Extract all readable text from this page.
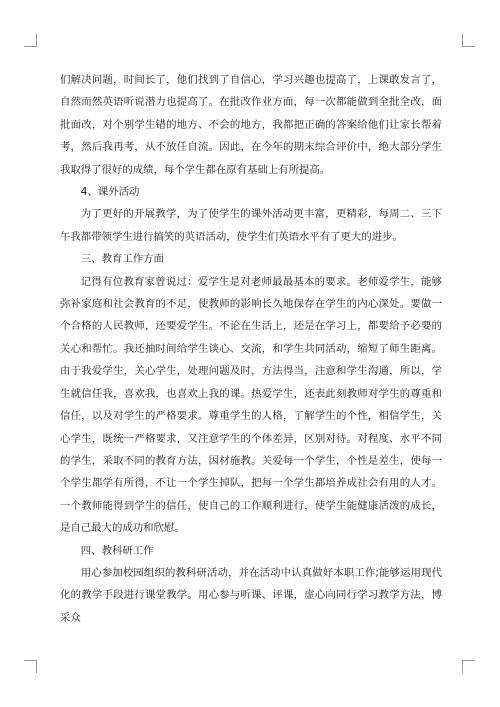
们解决问题，时间长了，他们找到了自信心，学习兴趣也提高了，上课敢发言了，自然而然英语听说潜力也提高了。在批改作业方面，每一次都能做到全批全改，面批面改，对个别学生错的地方、不会的地方，我都把正确的答案给他们让家长帮着考，然后我再考，从不放任自流。因此，在今年的期末综合评价中，绝大部分学生我取得了很好的成绩，每个学生都在原有基础上有所提高。

4、课外活动

为了更好的开展教学，为了使学生的课外活动更丰富，更精彩，每周二、三下午我都带领学生进行搞笑的英语活动，使学生们英语水平有了更大的进步。

三、教育工作方面

记得有位教育家曾说过：爱学生是对老师最最基本的要求。老师爱学生，能够弥补家庭和社会教育的不足，使教师的影响长久地保存在学生的内心深处。要做一个合格的人民教师，还要爱学生。不论在生活上，还是在学习上，都要给予必要的关心和帮忙。我还抽时间给学生谈心、交流，和学生共同活动，缩短了师生距离。由于我爱学生，关心学生，处理问题及时，方法得当，注意和学生沟通，所以，学生就信任我，喜欢我，也喜欢上我的课。热爱学生，还表此刻教师对学生的尊重和信任，以及对学生的严格要求。尊重学生的人格，了解学生的个性，相信学生，关心学生，既统一严格要求，又注意学生的个体差异，区别对待。对程度、水平不同的学生，采取不同的教育方法，因材施教。关爱每一个学生，个性是差生，使每一个学生都学有所得，不让一个学生掉队，把每一个学生都培养成社会有用的人才。一个教师能得到学生的信任，使自己的工作顺利进行，使学生能健康活泼的成长，是自己最大的成功和欣慰。

四、教科研工作

用心参加校园组织的教科研活动，并在活动中认真做好本职工作;能够运用现代化的教学手段进行课堂教学。用心参与听课、评课，虚心向同行学习教学方法，博采众
